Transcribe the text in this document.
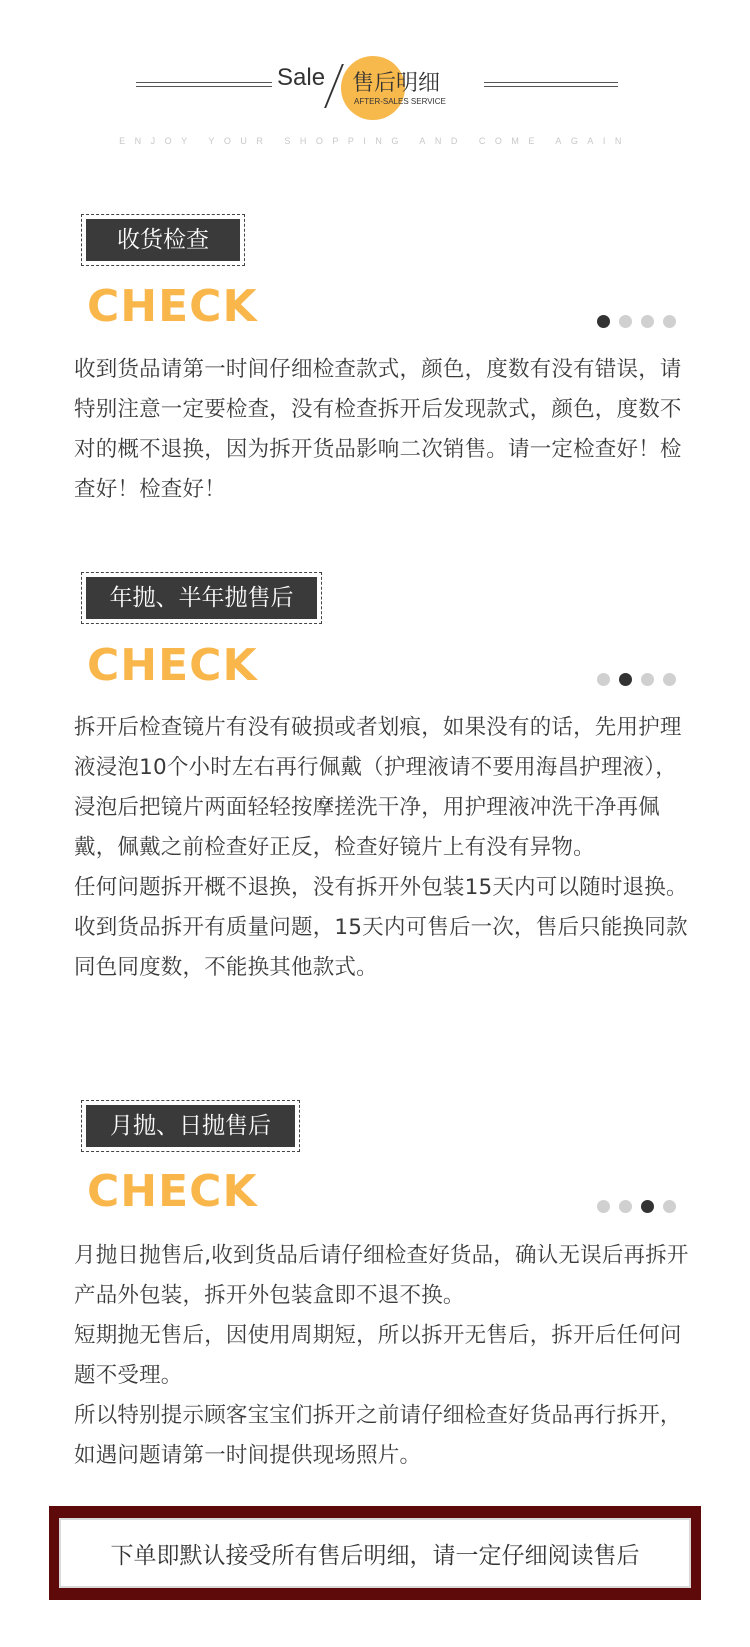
Sale 售后明细
AFTER-SALES SERVICE
ENJOY YOUR SHOPPING AND COME AGAIN
收货检查
CHECK

收到货品请第一时间仔细检查款式，颜色，度数有没有错误，请特别注意一定要检查，没有检查拆开后发现款式，颜色，度数不对的概不退换，因为拆开货品影响二次销售。请一定检查好！检查好！检查好！

年抛、半年抛售后
CHECK

拆开后检查镜片有没有破损或者划痕，如果没有的话，先用护理液浸泡10个小时左右再行佩戴（护理液请不要用海昌护理液），浸泡后把镜片两面轻轻按摩搓洗干净，用护理液冲洗干净再佩戴，佩戴之前检查好正反，检查好镜片上有没有异物。

任何问题拆开概不退换，没有拆开外包装15天内可以随时退换。收到货品拆开有质量问题，15天内可售后一次，售后只能换同款同色同度数，不能换其他款式。

月抛、日抛售后
CHECK

月抛日抛售后,收到货品后请仔细检查好货品，确认无误后再拆开产品外包装，拆开外包装盒即不退不换。

短期抛无售后，因使用周期短，所以拆开无售后，拆开后任何问题不受理。

所以特别提示顾客宝宝们拆开之前请仔细检查好货品再行拆开，如遇问题请第一时间提供现场照片。

下单即默认接受所有售后明细，请一定仔细阅读售后
